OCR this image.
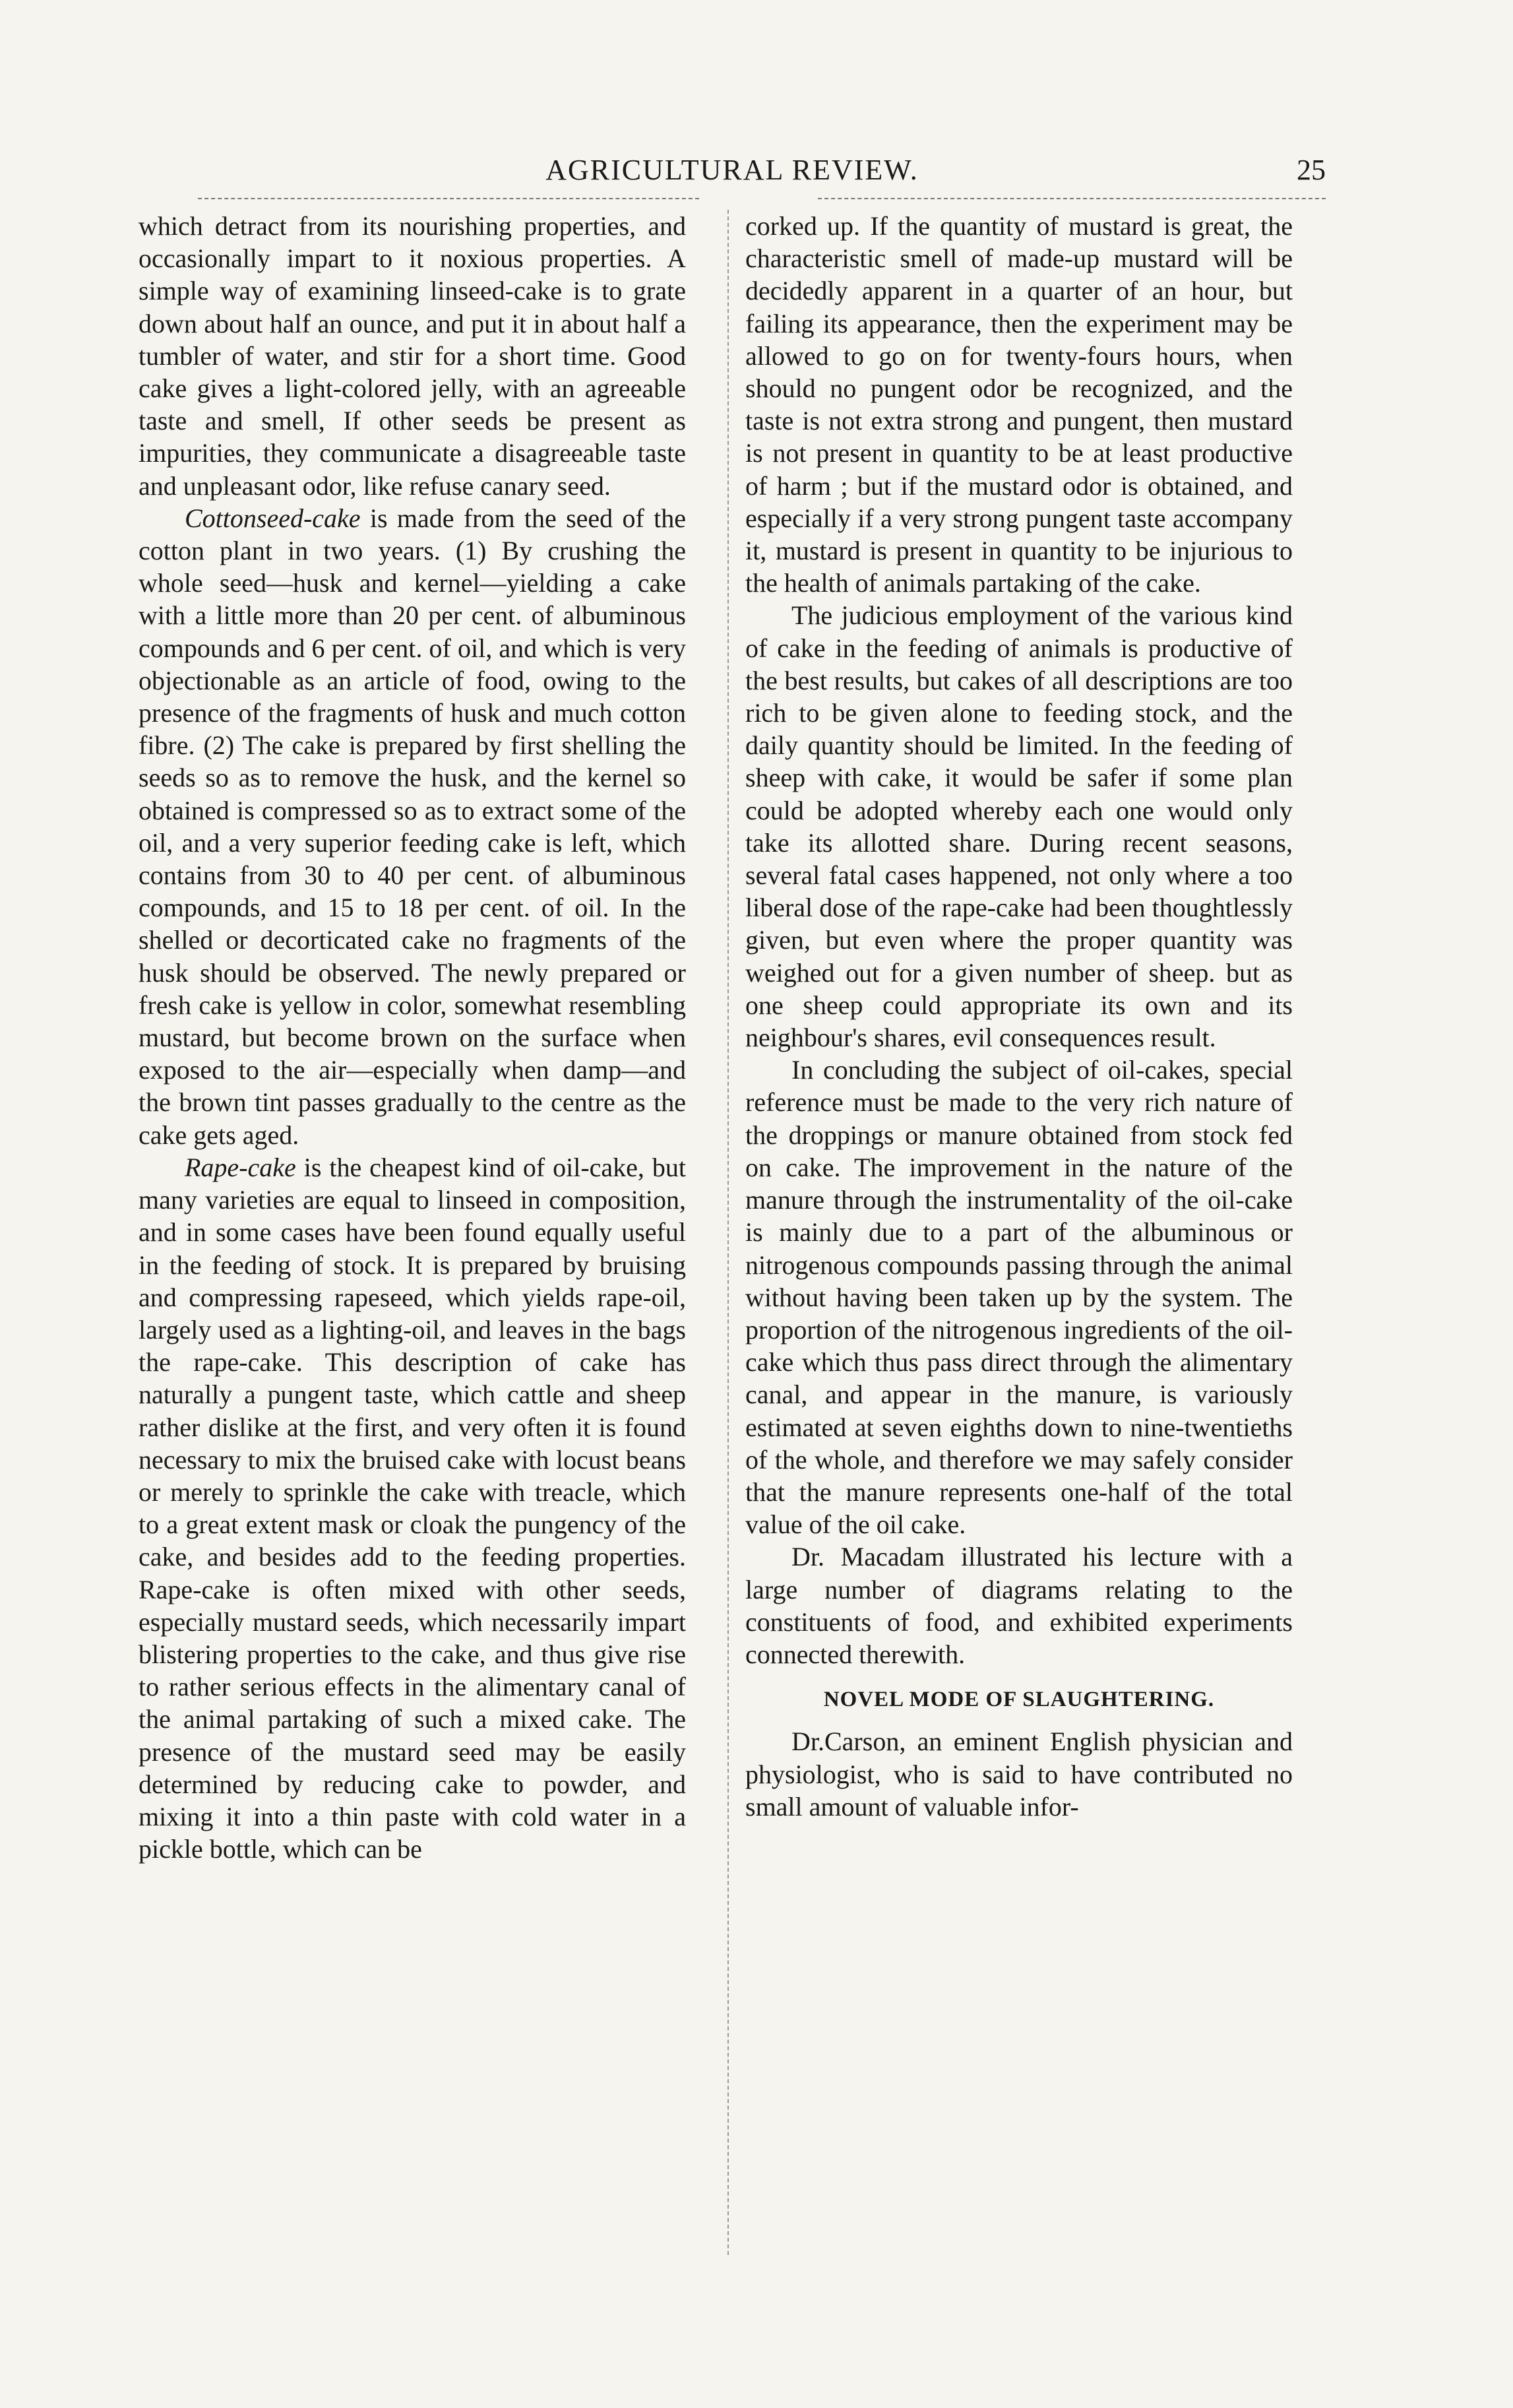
AGRICULTURAL REVIEW.	25

which detract from its nourishing properties, and occasionally impart to it noxious properties. A simple way of examining linseed-cake is to grate down about half an ounce, and put it in about half a tumbler of water, and stir for a short time. Good cake gives a light-colored jelly, with an agreeable taste and smell, If other seeds be present as impurities, they communicate a disagreeable taste and unpleasant odor, like refuse canary seed.

Cottonseed-cake is made from the seed of the cotton plant in two years. (1) By crushing the whole seed—husk and kernel—yielding a cake with a little more than 20 per cent. of albuminous compounds and 6 per cent. of oil, and which is very objectionable as an article of food, owing to the presence of the fragments of husk and much cotton fibre. (2) The cake is prepared by first shelling the seeds so as to remove the husk, and the kernel so obtained is compressed so as to extract some of the oil, and a very superior feeding cake is left, which contains from 30 to 40 per cent. of albuminous compounds, and 15 to 18 per cent. of oil. In the shelled or decorticated cake no fragments of the husk should be observed. The newly prepared or fresh cake is yellow in color, somewhat resembling mustard, but become brown on the surface when exposed to the air—especially when damp—and the brown tint passes gradually to the centre as the cake gets aged.

Rape-cake is the cheapest kind of oil-cake, but many varieties are equal to linseed in composition, and in some cases have been found equally useful in the feeding of stock. It is prepared by bruising and compressing rapeseed, which yields rape-oil, largely used as a lighting-oil, and leaves in the bags the rape-cake. This description of cake has naturally a pungent taste, which cattle and sheep rather dislike at the first, and very often it is found necessary to mix the bruised cake with locust beans or merely to sprinkle the cake with treacle, which to a great extent mask or cloak the pungency of the cake, and besides add to the feeding properties. Rape-cake is often mixed with other seeds, especially mustard seeds, which necessarily impart blistering properties to the cake, and thus give rise to rather serious effects in the alimentary canal of the animal partaking of such a mixed cake. The presence of the mustard seed may be easily determined by reducing cake to powder, and mixing it into a thin paste with cold water in a pickle bottle, which can be

corked up. If the quantity of mustard is great, the characteristic smell of made-up mustard will be decidedly apparent in a quarter of an hour, but failing its appearance, then the experiment may be allowed to go on for twenty-fours hours, when should no pungent odor be recognized, and the taste is not extra strong and pungent, then mustard is not present in quantity to be at least productive of harm ; but if the mustard odor is obtained, and especially if a very strong pungent taste accompany it, mustard is present in quantity to be injurious to the health of animals partaking of the cake.

The judicious employment of the various kind of cake in the feeding of animals is productive of the best results, but cakes of all descriptions are too rich to be given alone to feeding stock, and the daily quantity should be limited. In the feeding of sheep with cake, it would be safer if some plan could be adopted whereby each one would only take its allotted share. During recent seasons, several fatal cases happened, not only where a too liberal dose of the rape-cake had been thoughtlessly given, but even where the proper quantity was weighed out for a given number of sheep. but as one sheep could appropriate its own and its neighbour's shares, evil consequences result.

In concluding the subject of oil-cakes, special reference must be made to the very rich nature of the droppings or manure obtained from stock fed on cake. The improvement in the nature of the manure through the instrumentality of the oil-cake is mainly due to a part of the albuminous or nitrogenous compounds passing through the animal without having been taken up by the system. The proportion of the nitrogenous ingredients of the oil-cake which thus pass direct through the alimentary canal, and appear in the manure, is variously estimated at seven eighths down to nine-twentieths of the whole, and therefore we may safely consider that the manure represents one-half of the total value of the oil cake.

Dr. Macadam illustrated his lecture with a large number of diagrams relating to the constituents of food, and exhibited experiments connected therewith.

NOVEL MODE OF SLAUGHTERING.

Dr.Carson, an eminent English physician and physiologist, who is said to have contributed no small amount of valuable infor-
